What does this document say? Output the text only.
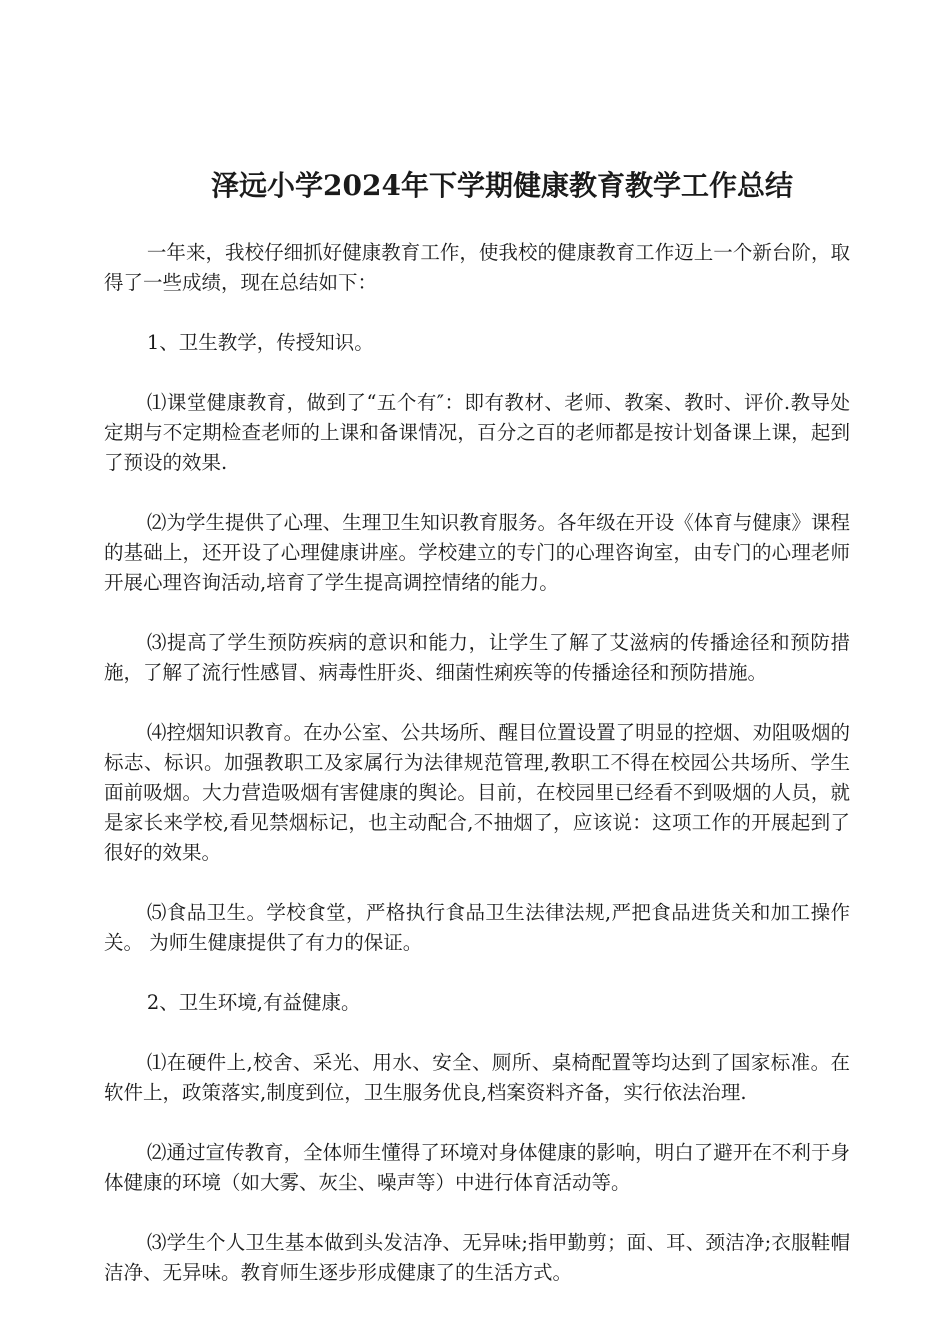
泽远小学2024年下学期健康教育教学工作总结

一年来，我校仔细抓好健康教育工作，使我校的健康教育工作迈上一个新台阶，取得了一些成绩，现在总结如下：

1、卫生教学，传授知识。

⑴课堂健康教育，做到了“五个有″：即有教材、老师、教案、教时、评价.教导处定期与不定期检查老师的上课和备课情况，百分之百的老师都是按计划备课上课，起到了预设的效果.

⑵为学生提供了心理、生理卫生知识教育服务。各年级在开设《体育与健康》课程的基础上，还开设了心理健康讲座。学校建立的专门的心理咨询室，由专门的心理老师开展心理咨询活动,培育了学生提高调控情绪的能力。

⑶提高了学生预防疾病的意识和能力，让学生了解了艾滋病的传播途径和预防措施，了解了流行性感冒、病毒性肝炎、细菌性痢疾等的传播途径和预防措施。

⑷控烟知识教育。在办公室、公共场所、醒目位置设置了明显的控烟、劝阻吸烟的标志、标识。加强教职工及家属行为法律规范管理,教职工不得在校园公共场所、学生面前吸烟。大力营造吸烟有害健康的舆论。目前，在校园里已经看不到吸烟的人员，就是家长来学校,看见禁烟标记，也主动配合,不抽烟了，应该说：这项工作的开展起到了很好的效果。

⑸食品卫生。学校食堂，严格执行食品卫生法律法规,严把食品进货关和加工操作关。 为师生健康提供了有力的保证。

2、卫生环境,有益健康。

⑴在硬件上,校舍、采光、用水、安全、厕所、桌椅配置等均达到了国家标准。在软件上，政策落实,制度到位，卫生服务优良,档案资料齐备，实行依法治理.

⑵通过宣传教育，全体师生懂得了环境对身体健康的影响，明白了避开在不利于身体健康的环境（如大雾、灰尘、噪声等）中进行体育活动等。

⑶学生个人卫生基本做到头发洁净、无异味;指甲勤剪；面、耳、颈洁净;衣服鞋帽洁净、无异味。教育师生逐步形成健康了的生活方式。
